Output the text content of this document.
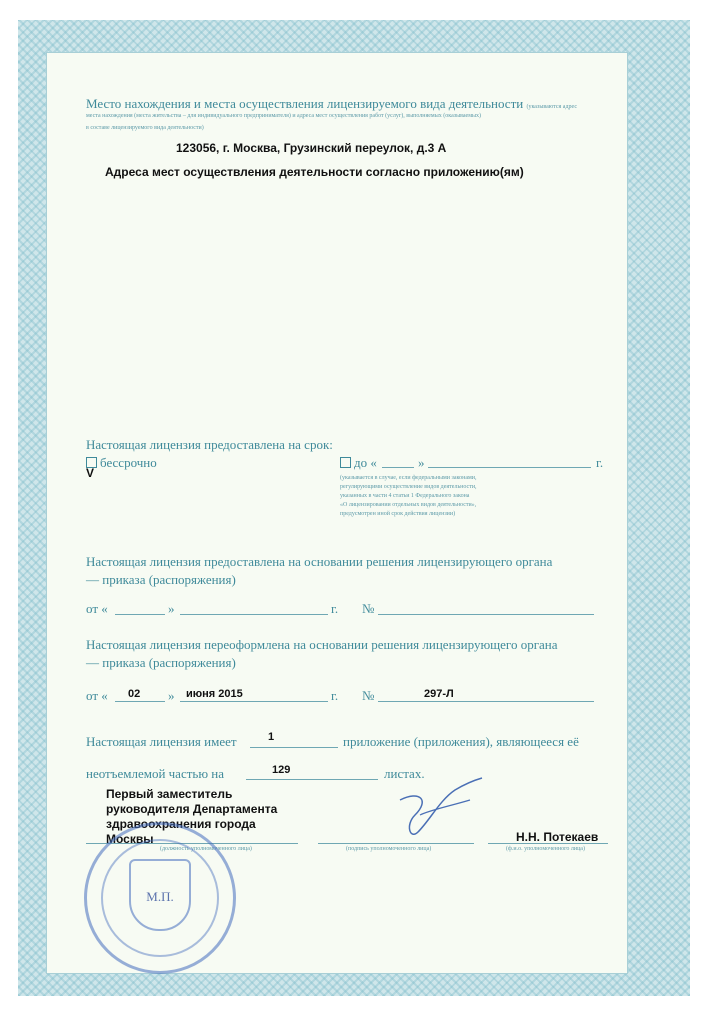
Место нахождения и места осуществления лицензируемого вида деятельности (указываются адрес
места нахождения (места жительства – для индивидуального предпринимателя) и адреса мест осуществления работ (услуг), выполняемых (оказываемых)
в составе лицензируемого вида деятельности)
123056, г. Москва, Грузинский переулок, д.3 А
Адреса мест осуществления деятельности согласно приложению(ям)
Настоящая лицензия предоставлена на срок:
бессрочно
V
до «	»	г.
(указывается в случае, если федеральными законами,
регулирующими осуществление видов деятельности,
указанных в части 4 статьи 1 Федерального закона
«О лицензировании отдельных видов деятельности»,
предусмотрен иной срок действия лицензии)
Настоящая лицензия предоставлена на основании решения лицензирующего органа
— приказа (распоряжения)
от «	»	г. №
Настоящая лицензия переоформлена на основании решения лицензирующего органа
— приказа (распоряжения)
от « 02 » июня 2015	г. №	297-Л
Настоящая лицензия имеет	1	приложение (приложения), являющееся её
неотъемлемой частью на	129	листах.
Первый заместитель
руководителя Департамента
здравоохранения города
Москвы
(должность уполномоченного лица)	(подпись уполномоченного лица)
Н.Н. Потекаев
(ф.и.о. уполномоченного лица)
М.П.
